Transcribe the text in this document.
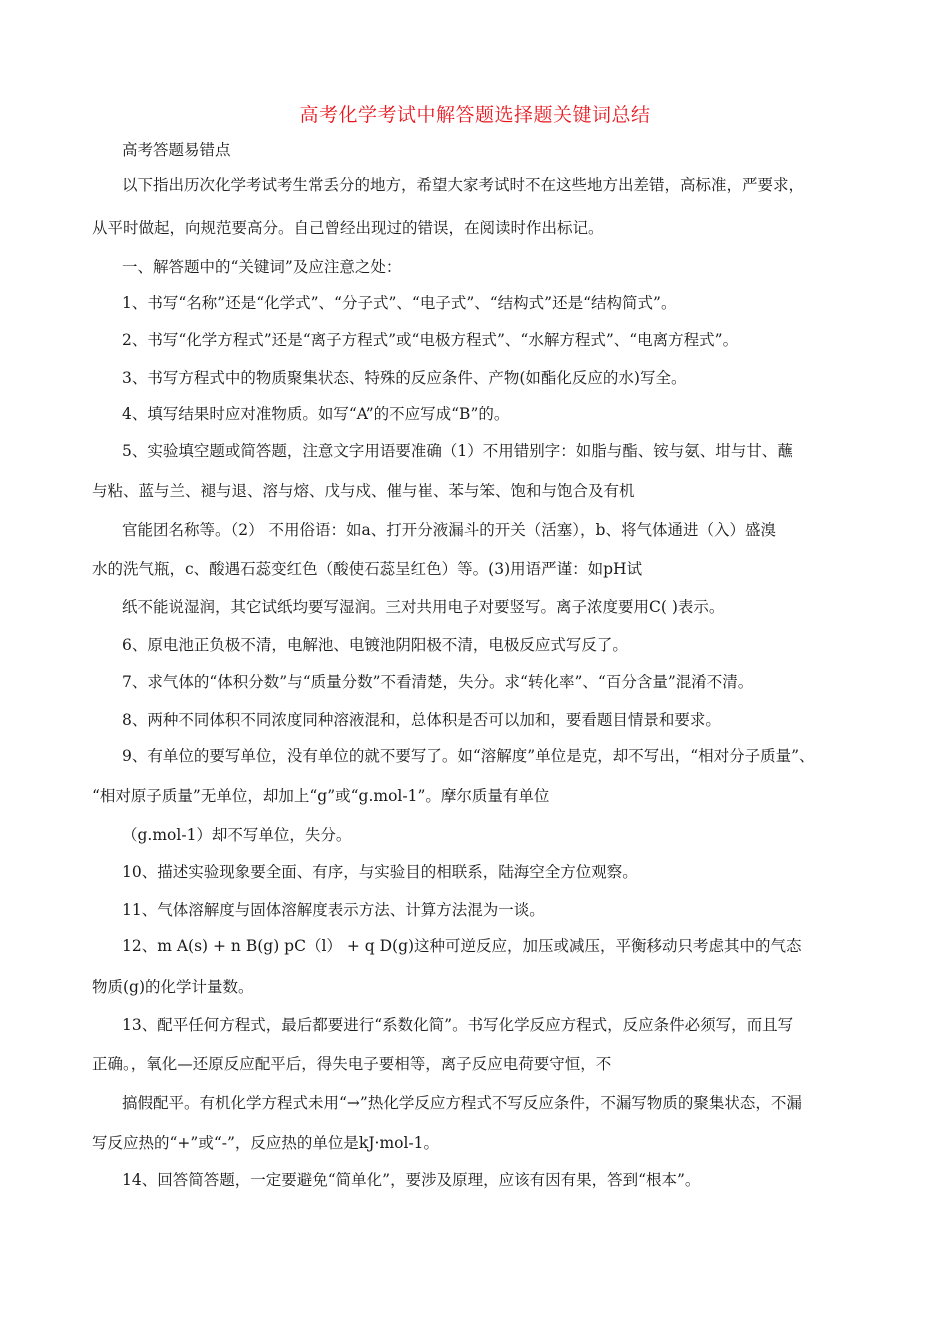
高考化学考试中解答题选择题关键词总结
高考答题易错点
以下指出历次化学考试考生常丢分的地方，希望大家考试时不在这些地方出差错，高标准，严要求，
从平时做起，向规范要高分。自己曾经出现过的错误，在阅读时作出标记。
一、解答题中的“关键词”及应注意之处：
1、书写“名称”还是“化学式”、“分子式”、“电子式”、“结构式”还是“结构简式”。
2、书写“化学方程式”还是“离子方程式”或“电极方程式”、“水解方程式”、“电离方程式”。
3、书写方程式中的物质聚集状态、特殊的反应条件、产物(如酯化反应的水)写全。
4、填写结果时应对准物质。如写“A”的不应写成“B”的。
5、实验填空题或简答题，注意文字用语要准确（1）不用错别字：如脂与酯、铵与氨、坩与甘、蘸
与粘、蓝与兰、褪与退、溶与熔、戊与戍、催与崔、苯与笨、饱和与饱合及有机
官能团名称等。（2） 不用俗语：如a、打开分液漏斗的开关（活塞），b、将气体通进（入）盛溴
水的洗气瓶，c、酸遇石蕊变红色（酸使石蕊呈红色）等。(3)用语严谨：如pH试
纸不能说湿润，其它试纸均要写湿润。三对共用电子对要竖写。离子浓度要用C( )表示。
6、原电池正负极不清，电解池、电镀池阴阳极不清，电极反应式写反了。
7、求气体的“体积分数”与“质量分数”不看清楚，失分。求“转化率”、“百分含量”混淆不清。
8、两种不同体积不同浓度同种溶液混和，总体积是否可以加和，要看题目情景和要求。
9、有单位的要写单位，没有单位的就不要写了。如“溶解度”单位是克，却不写出，“相对分子质量”、
“相对原子质量”无单位，却加上“g”或“g.mol-1”。摩尔质量有单位
（g.mol-1）却不写单位，失分。
10、描述实验现象要全面、有序，与实验目的相联系，陆海空全方位观察。
11、气体溶解度与固体溶解度表示方法、计算方法混为一谈。
12、m A(s) + n B(g) pC（l） + q D(g)这种可逆反应，加压或减压，平衡移动只考虑其中的气态
物质(g)的化学计量数。
13、配平任何方程式，最后都要进行“系数化简”。书写化学反应方程式，反应条件必须写，而且写
正确。，氧化—还原反应配平后，得失电子要相等，离子反应电荷要守恒，不
搞假配平。有机化学方程式未用“→”热化学反应方程式不写反应条件，不漏写物质的聚集状态，不漏
写反应热的“+”或“-”，反应热的单位是kJ·mol-1。
14、回答简答题，一定要避免“简单化”，要涉及原理，应该有因有果，答到“根本”。
